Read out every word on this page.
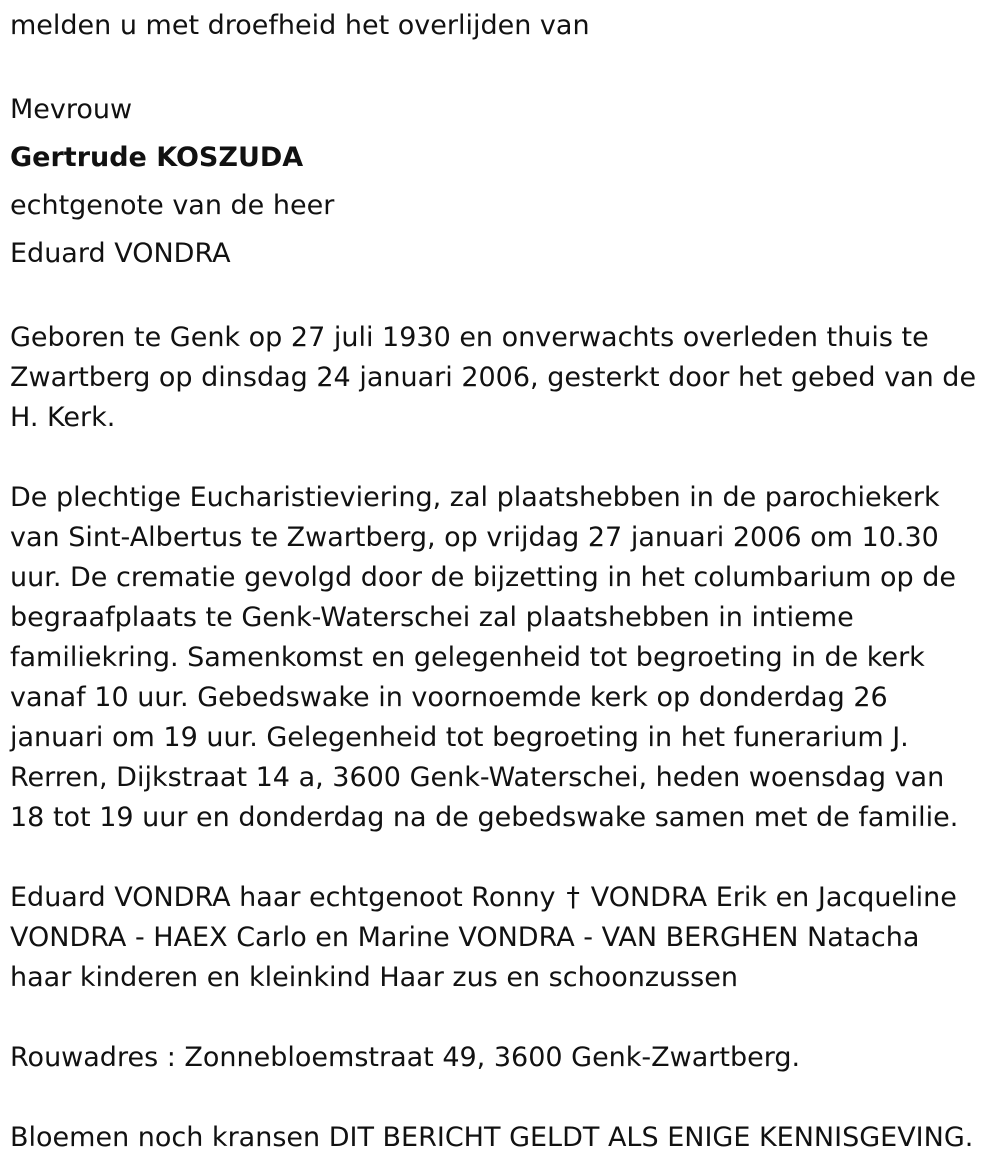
melden u met droefheid het overlijden van

Mevrouw

Gertrude KOSZUDA

echtgenote van de heer

Eduard VONDRA

Geboren te Genk op 27 juli 1930 en onverwachts overleden thuis te Zwartberg op dinsdag 24 januari 2006, gesterkt door het gebed van de H. Kerk.

De plechtige Eucharistieviering, zal plaatshebben in de parochiekerk van Sint-Albertus te Zwartberg, op vrijdag 27 januari 2006 om 10.30 uur. De crematie gevolgd door de bijzetting in het columbarium op de begraafplaats te Genk-Waterschei zal plaatshebben in intieme familiekring. Samenkomst en gelegenheid tot begroeting in de kerk vanaf 10 uur. Gebedswake in voornoemde kerk op donderdag 26 januari om 19 uur. Gelegenheid tot begroeting in het funerarium J. Rerren, Dijkstraat 14 a, 3600 Genk-Waterschei, heden woensdag van 18 tot 19 uur en donderdag na de gebedswake samen met de familie.

Eduard VONDRA haar echtgenoot Ronny † VONDRA Erik en Jacqueline VONDRA - HAEX Carlo en Marine VONDRA - VAN BERGHEN Natacha haar kinderen en kleinkind Haar zus en schoonzussen

Rouwadres : Zonnebloemstraat 49, 3600 Genk-Zwartberg.

Bloemen noch kransen DIT BERICHT GELDT ALS ENIGE KENNISGEVING.
